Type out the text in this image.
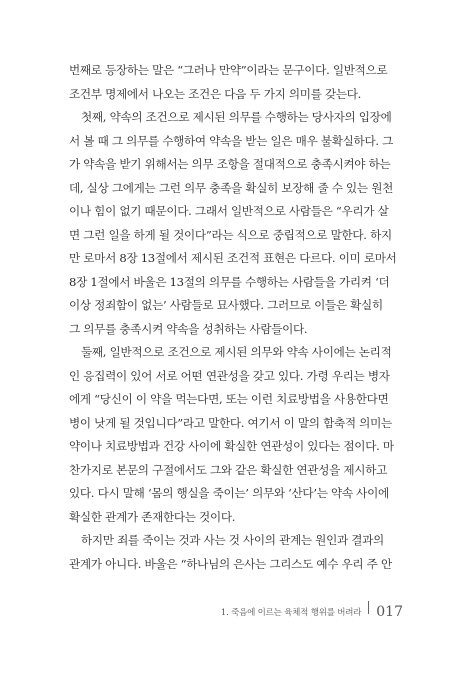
번째로 등장하는 말은 “그러나 만약”이라는 문구이다. 일반적으로
조건부 명제에서 나오는 조건은 다음 두 가지 의미를 갖는다.
첫째, 약속의 조건으로 제시된 의무를 수행하는 당사자의 입장에
서 볼 때 그 의무를 수행하여 약속을 받는 일은 매우 불확실하다. 그
가 약속을 받기 위해서는 의무 조항을 절대적으로 충족시켜야 하는
데, 실상 그에게는 그런 의무 충족을 확실히 보장해 줄 수 있는 원천
이나 힘이 없기 때문이다. 그래서 일반적으로 사람들은 “우리가 살
면 그런 일을 하게 될 것이다”라는 식으로 중립적으로 말한다. 하지
만 로마서 8장 13절에서 제시된 조건적 표현은 다르다. 이미 로마서
8장 1절에서 바울은 13절의 의무를 수행하는 사람들을 가리켜 ‘더
이상 정죄함이 없는’ 사람들로 묘사했다. 그러므로 이들은 확실히
그 의무를 충족시켜 약속을 성취하는 사람들이다.
둘째, 일반적으로 조건으로 제시된 의무와 약속 사이에는 논리적
인 응집력이 있어 서로 어떤 연관성을 갖고 있다. 가령 우리는 병자
에게 “당신이 이 약을 먹는다면, 또는 이런 치료방법을 사용한다면
병이 낫게 될 것입니다”라고 말한다. 여기서 이 말의 함축적 의미는
약이나 치료방법과 건강 사이에 확실한 연관성이 있다는 점이다. 마
찬가지로 본문의 구절에서도 그와 같은 확실한 연관성을 제시하고
있다. 다시 말해 ‘몸의 행실을 죽이는’ 의무와 ‘산다’는 약속 사이에
확실한 관계가 존재한다는 것이다.
하지만 죄를 죽이는 것과 사는 것 사이의 관계는 원인과 결과의
관계가 아니다. 바울은 “하나님의 은사는 그리스도 예수 우리 주 안
1. 죽음에 이르는 육체적 행위를 버려라 017
